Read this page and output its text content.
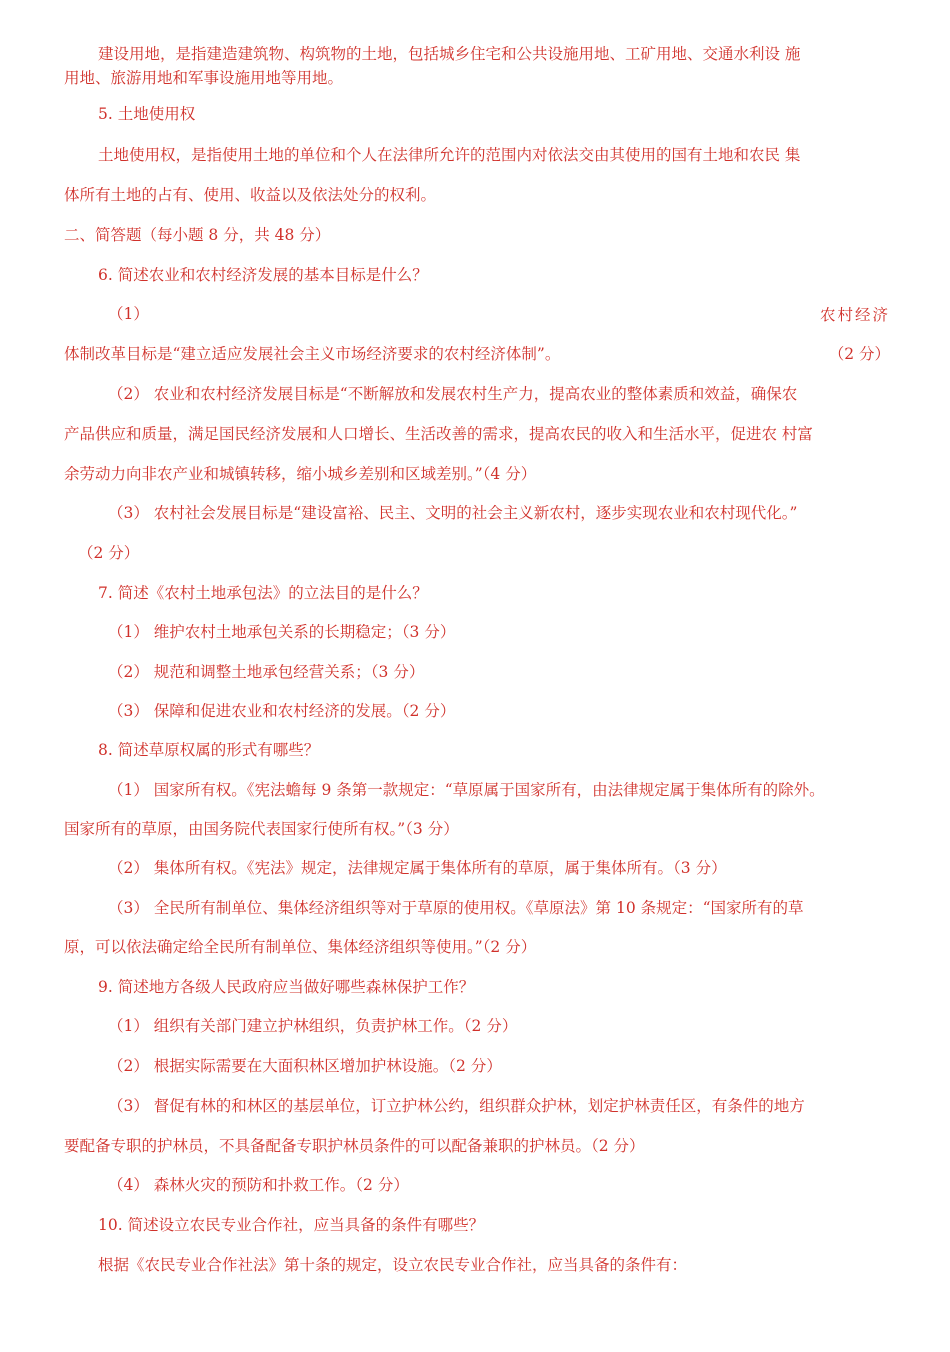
建设用地，是指建造建筑物、构筑物的土地，包括城乡住宅和公共设施用地、工矿用地、交通水利设 施
用地、旅游用地和军事设施用地等用地。
5. 土地使用权
土地使用权，是指使用土地的单位和个人在法律所允许的范围内对依法交由其使用的国有土地和农民 集
体所有土地的占有、使用、收益以及依法处分的权利。
二、简答题（每小题 8 分，共 48 分）
6. 简述农业和农村经济发展的基本目标是什么？
（1）	农村经济
体制改革目标是“建立适应发展社会主义市场经济要求的农村经济体制”。	（2 分）
（2） 农业和农村经济发展目标是“不断解放和发展农村生产力，提高农业的整体素质和效益，确保农
产品供应和质量，满足国民经济发展和人口增长、生活改善的需求，提高农民的收入和生活水平，促进农 村富
余劳动力向非农产业和城镇转移，缩小城乡差别和区域差别。”（4 分）
（3） 农村社会发展目标是“建设富裕、民主、文明的社会主义新农村，逐步实现农业和农村现代化。”
（2 分）
7. 简述《农村土地承包法》的立法目的是什么？
（1） 维护农村土地承包关系的长期稳定；（3 分）
（2） 规范和调整土地承包经营关系；（3 分）
（3） 保障和促进农业和农村经济的发展。（2 分）
8. 简述草原权属的形式有哪些？
（1） 国家所有权。《宪法蟾每 9 条第一款规定：“草原属于国家所有，由法律规定属于集体所有的除外。
国家所有的草原，由国务院代表国家行使所有权。”（3 分）
（2） 集体所有权。《宪法》规定，法律规定属于集体所有的草原，属于集体所有。（3 分）
（3） 全民所有制单位、集体经济组织等对于草原的使用权。《草原法》第 10 条规定：“国家所有的草
原，可以依法确定给全民所有制单位、集体经济组织等使用。”（2 分）
9. 简述地方各级人民政府应当做好哪些森林保护工作？
（1） 组织有关部门建立护林组织，负责护林工作。（2 分）
（2） 根据实际需要在大面积林区增加护林设施。（2 分）
（3） 督促有林的和林区的基层单位，订立护林公约，组织群众护林，划定护林责任区，有条件的地方
要配备专职的护林员，不具备配备专职护林员条件的可以配备兼职的护林员。（2 分）
（4） 森林火灾的预防和扑救工作。（2 分）
10. 简述设立农民专业合作社，应当具备的条件有哪些？
根据《农民专业合作社法》第十条的规定，设立农民专业合作社，应当具备的条件有：
